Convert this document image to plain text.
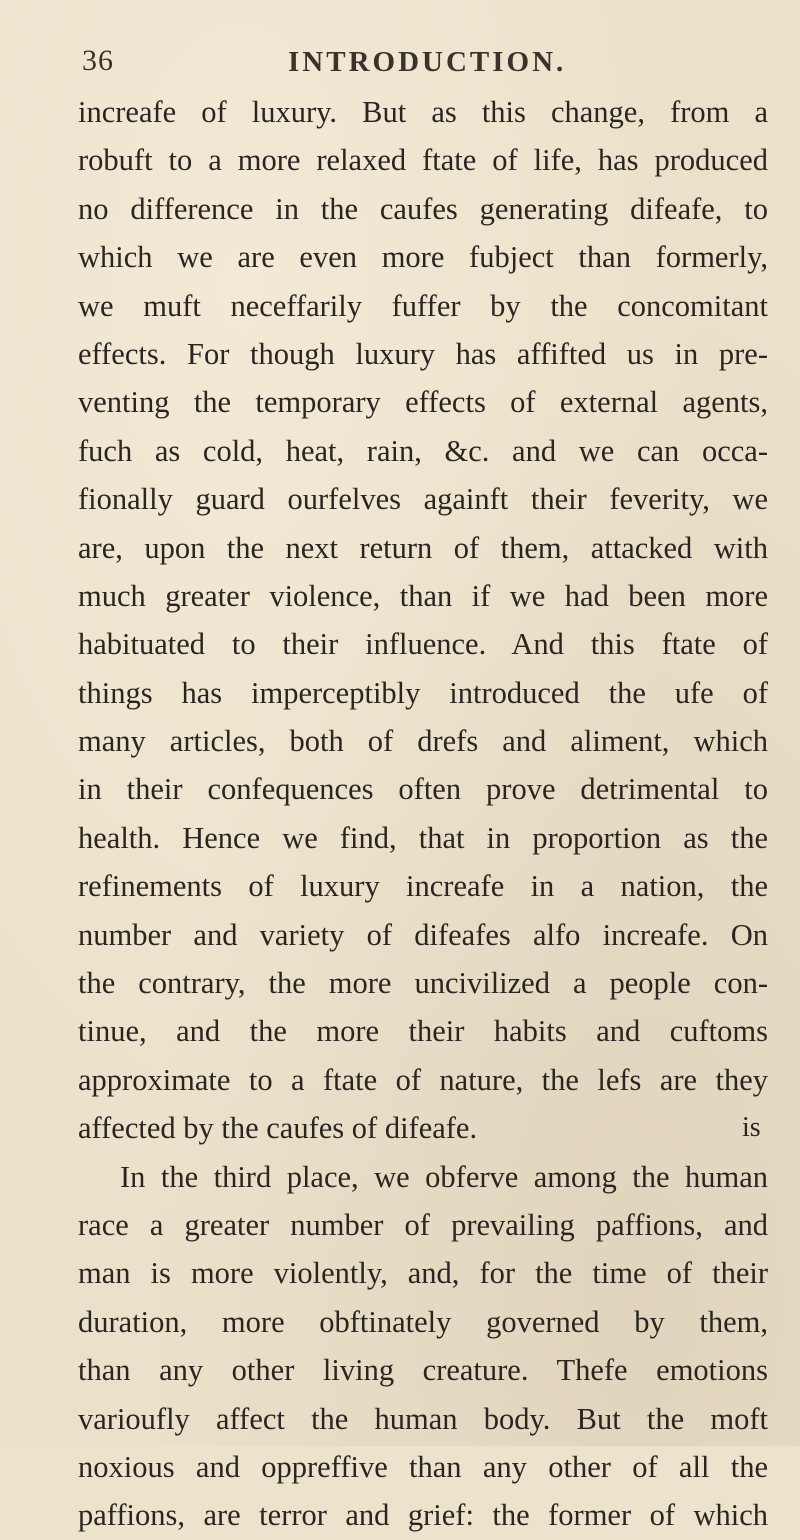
36	INTRODUCTION.
increafe of luxury. But as this change, from a
robuft to a more relaxed ftate of life, has produced
no difference in the caufes generating difeafe, to
which we are even more fubject than formerly,
we muft neceffarily fuffer by the concomitant
effects. For though luxury has affifted us in pre-
venting the temporary effects of external agents,
fuch as cold, heat, rain, &c. and we can occa-
fionally guard ourfelves againft their feverity, we
are, upon the next return of them, attacked with
much greater violence, than if we had been more
habituated to their influence. And this ftate of
things has imperceptibly introduced the ufe of
many articles, both of drefs and aliment, which
in their confequences often prove detrimental to
health. Hence we find, that in proportion as the
refinements of luxury increafe in a nation, the
number and variety of difeafes alfo increafe. On
the contrary, the more uncivilized a people con-
tinue, and the more their habits and cuftoms
approximate to a ftate of nature, the lefs are they
affected by the caufes of difeafe.
In the third place, we obferve among the human
race a greater number of prevailing paffions, and
man is more violently, and, for the time of their
duration, more obftinately governed by them,
than any other living creature. Thefe emotions
varioufly affect the human body. But the moft
noxious and oppreffive than any other of all the
paffions, are terror and grief: the former of which
is
